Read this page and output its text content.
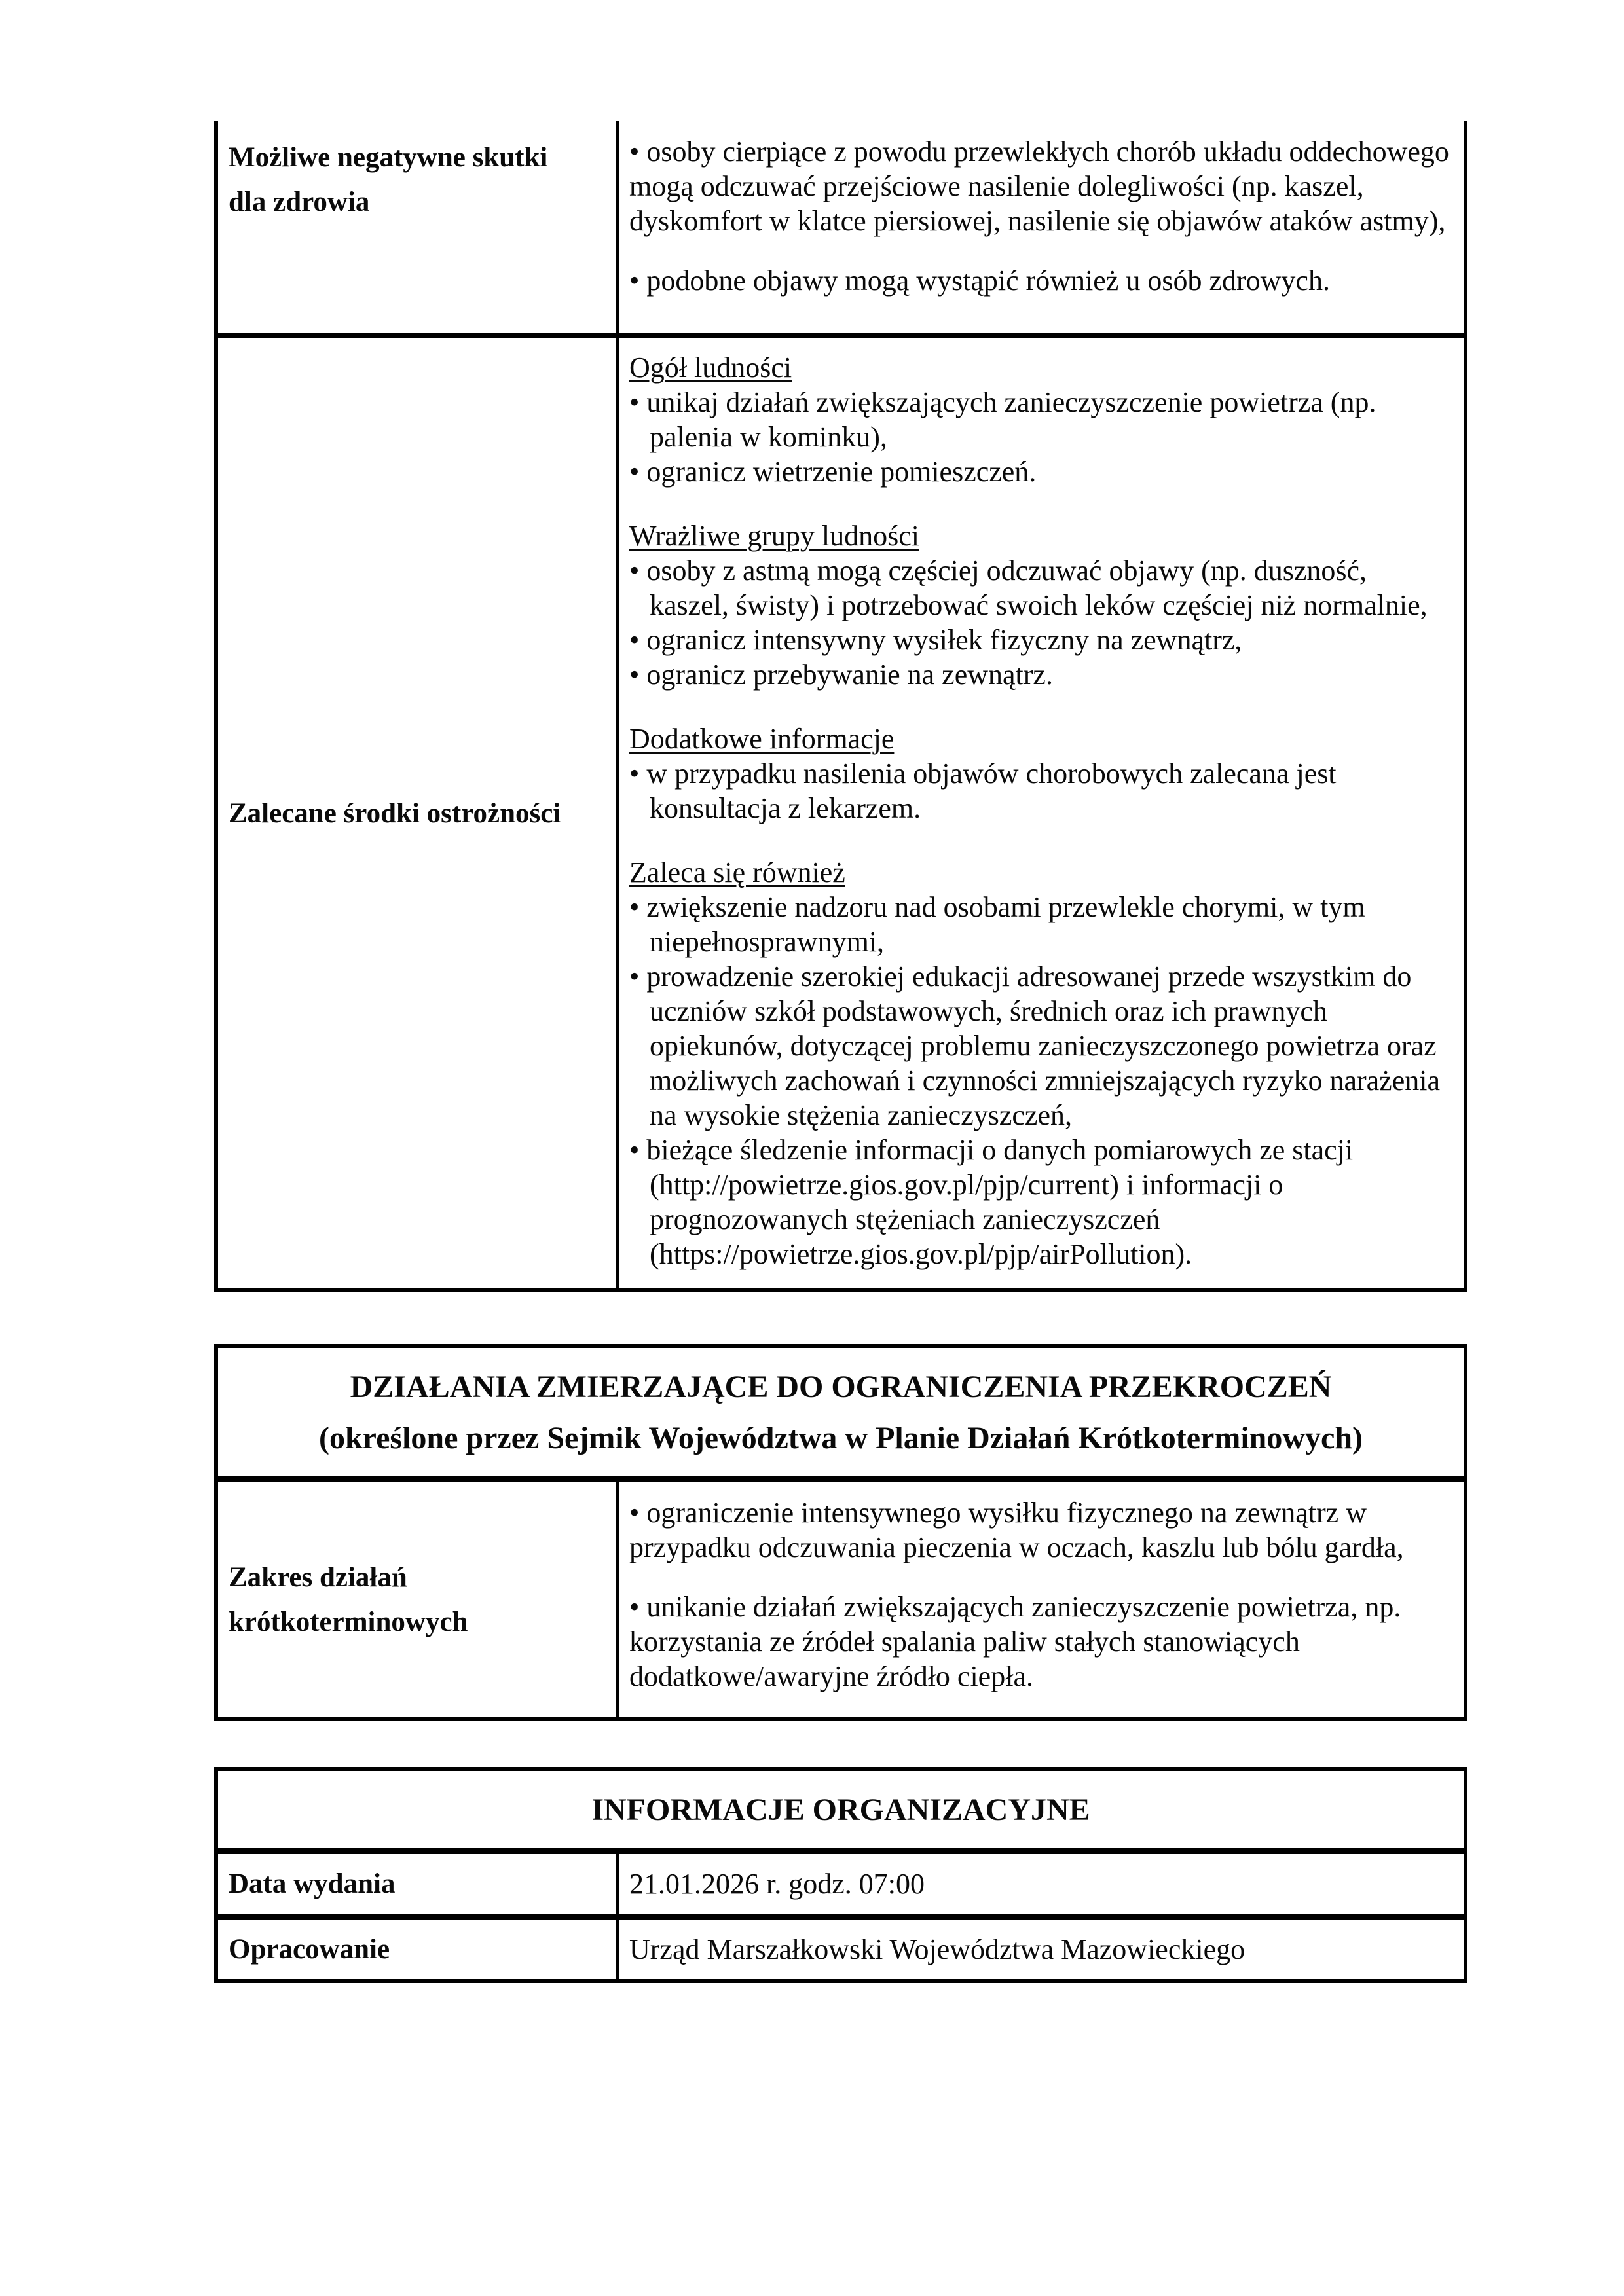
Możliwe negatywne skutki dla zdrowia

• osoby cierpiące z powodu przewlekłych chorób układu oddechowego mogą odczuwać przejściowe nasilenie dolegliwości (np. kaszel, dyskomfort w klatce piersiowej, nasilenie się objawów ataków astmy),

• podobne objawy mogą wystąpić również u osób zdrowych.

Zalecane środki ostrożności

Ogół ludności

• unikaj działań zwiększających zanieczyszczenie powietrza (np. palenia w kominku),

• ogranicz wietrzenie pomieszczeń.

Wrażliwe grupy ludności

• osoby z astmą mogą częściej odczuwać objawy (np. duszność, kaszel, świsty) i potrzebować swoich leków częściej niż normalnie,

• ogranicz intensywny wysiłek fizyczny na zewnątrz,

• ogranicz przebywanie na zewnątrz.

Dodatkowe informacje

• w przypadku nasilenia objawów chorobowych zalecana jest konsultacja z lekarzem.

Zaleca się również

• zwiększenie nadzoru nad osobami przewlekle chorymi, w tym niepełnosprawnymi,

• prowadzenie szerokiej edukacji adresowanej przede wszystkim do uczniów szkół podstawowych, średnich oraz ich prawnych opiekunów, dotyczącej problemu zanieczyszczonego powietrza oraz możliwych zachowań i czynności zmniejszających ryzyko narażenia na wysokie stężenia zanieczyszczeń,

• bieżące śledzenie informacji o danych pomiarowych ze stacji (http://powietrze.gios.gov.pl/pjp/current) i informacji o prognozowanych stężeniach zanieczyszczeń (https://powietrze.gios.gov.pl/pjp/airPollution).

DZIAŁANIA ZMIERZAJĄCE DO OGRANICZENIA PRZEKROCZEŃ
(określone przez Sejmik Województwa w Planie Działań Krótkoterminowych)
Zakres działań krótkoterminowych

• ograniczenie intensywnego wysiłku fizycznego na zewnątrz w przypadku odczuwania pieczenia w oczach, kaszlu lub bólu gardła,

• unikanie działań zwiększających zanieczyszczenie powietrza, np. korzystania ze źródeł spalania paliw stałych stanowiących dodatkowe/awaryjne źródło ciepła.

INFORMACJE ORGANIZACYJNE
Data wydania	21.01.2026 r. godz. 07:00
Opracowanie	Urząd Marszałkowski Województwa Mazowieckiego
